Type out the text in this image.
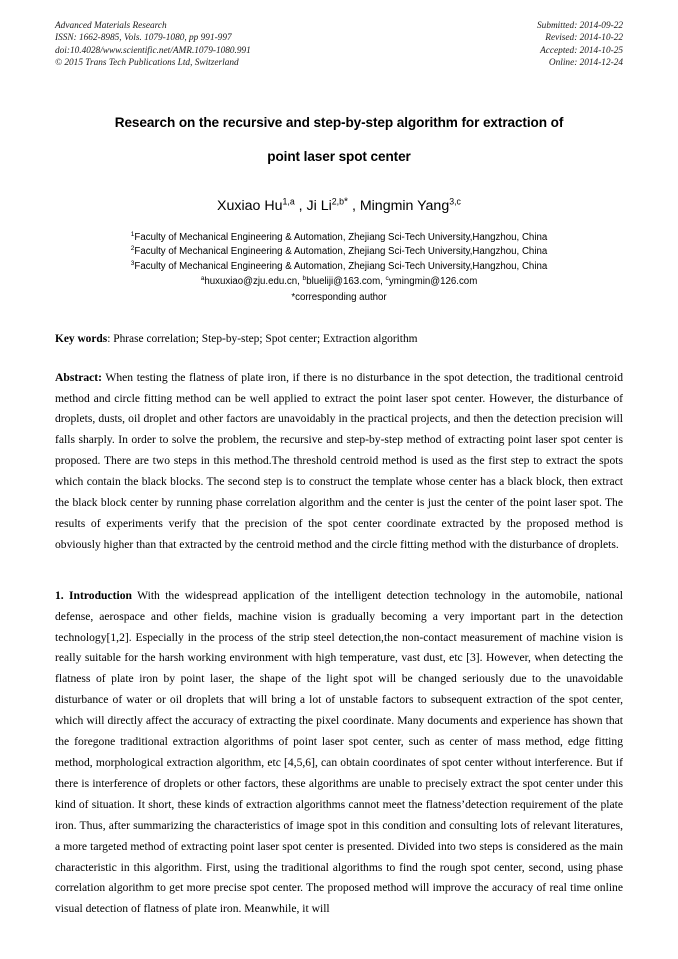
Advanced Materials Research
ISSN: 1662-8985, Vols. 1079-1080, pp 991-997
doi:10.4028/www.scientific.net/AMR.1079-1080.991
© 2015 Trans Tech Publications Ltd, Switzerland
Submitted: 2014-09-22
Revised: 2014-10-22
Accepted: 2014-10-25
Online: 2014-12-24
Research on the recursive and step-by-step algorithm for extraction of
point laser spot center
Xuxiao Hu$^{1,a}$ , Ji $Li^{2,b*}$ , Mingmin Yang$^{3,c}$
$^1$Faculty of Mechanical Engineering & Automation, Zhejiang Sci-Tech University,Hangzhou, China
$^2$Faculty of Mechanical Engineering & Automation, Zhejiang Sci-Tech University,Hangzhou, China
$^3$Faculty of Mechanical Engineering & Automation, Zhejiang Sci-Tech University,Hangzhou, China
$^a$huxuxiao@zju.edu.cn, $^b$blueliji@163.com, $^c$ymingmin@126.com
*corresponding author
Key words: Phrase correlation; Step-by-step; Spot center; Extraction algorithm
Abstract: When testing the flatness of plate iron, if there is no disturbance in the spot detection, the traditional centroid method and circle fitting method can be well applied to extract the point laser spot center. However, the disturbance of droplets, dusts, oil droplet and other factors are unavoidably in the practical projects, and then the detection precision will falls sharply. In order to solve the problem, the recursive and step-by-step method of extracting point laser spot center is proposed. There are two steps in this method.The threshold centroid method is used as the first step to extract the spots which contain the black blocks. The second step is to construct the template whose center has a black block, then extract the black block center by running phase correlation algorithm and the center is just the center of the point laser spot. The results of experiments verify that the precision of the spot center coordinate extracted by the proposed method is obviously higher than that extracted by the centroid method and the circle fitting method with the disturbance of droplets.
1. Introduction With the widespread application of the intelligent detection technology in the automobile, national defense, aerospace and other fields, machine vision is gradually becoming a very important part in the detection technology[1,2]. Especially in the process of the strip steel detection,the non-contact measurement of machine vision is really suitable for the harsh working environment with high temperature, vast dust, etc [3]. However, when detecting the flatness of plate iron by point laser, the shape of the light spot will be changed seriously due to the unavoidable disturbance of water or oil droplets that will bring a lot of unstable factors to subsequent extraction of the spot center, which will directly affect the accuracy of extracting the pixel coordinate. Many documents and experience has shown that the foregone traditional extraction algorithms of point laser spot center, such as center of mass method, edge fitting method, morphological extraction algorithm, etc [4,5,6], can obtain coordinates of spot center without interference. But if there is interference of droplets or other factors, these algorithms are unable to precisely extract the spot center under this kind of situation. It short, these kinds of extraction algorithms cannot meet the flatness’detection requirement of the plate iron. Thus, after summarizing the characteristics of image spot in this condition and consulting lots of relevant literatures, a more targeted method of extracting point laser spot center is presented. Divided into two steps is considered as the main characteristic in this algorithm. First, using the traditional algorithms to find the rough spot center, second, using phase correlation algorithm to get more precise spot center. The proposed method will improve the accuracy of real time online visual detection of flatness of plate iron. Meanwhile, it will
